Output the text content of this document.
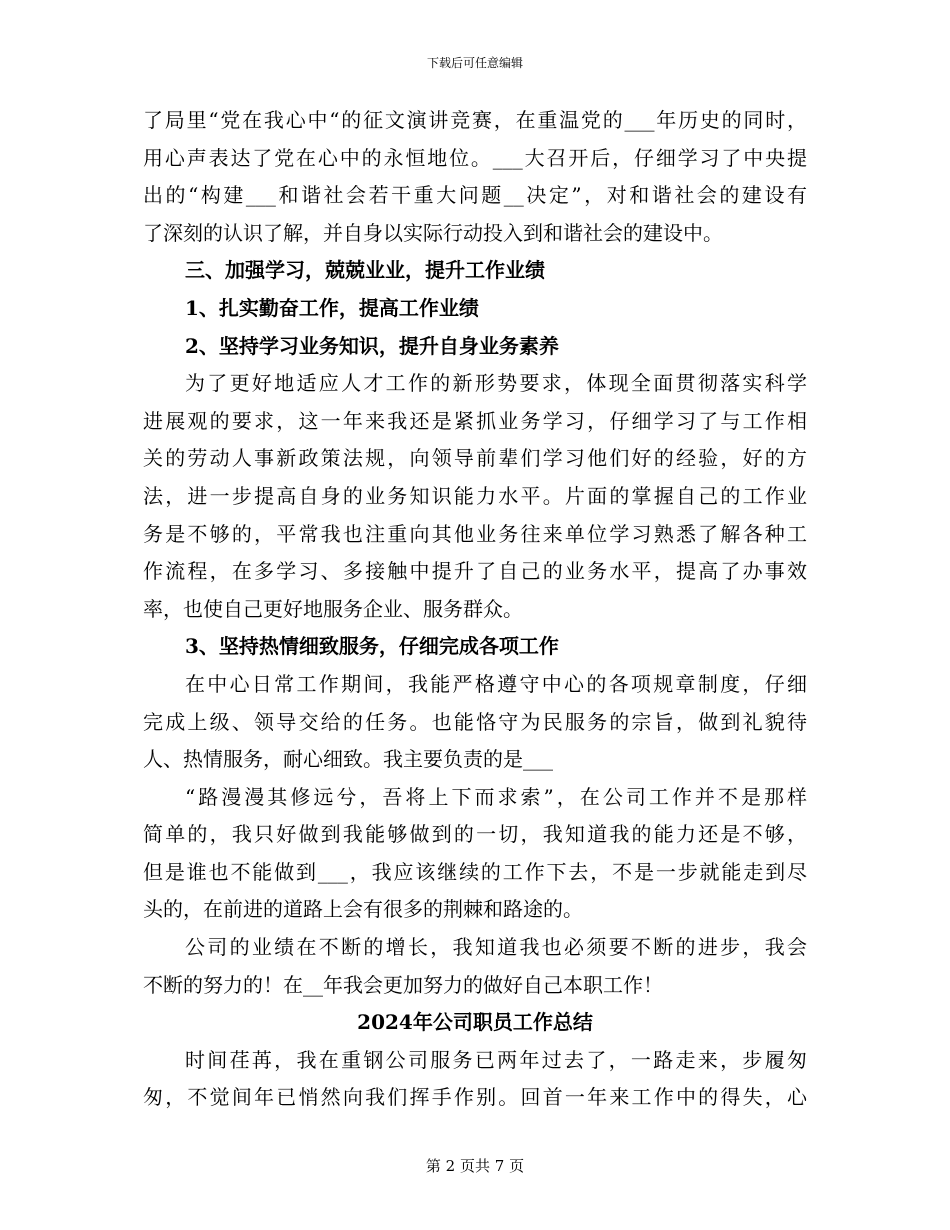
下载后可任意编辑
了局里“党在我心中“的征文演讲竞赛，在重温党的___年历史的同时，
用心声表达了党在心中的永恒地位。___大召开后，仔细学习了中央提
出的“构建___和谐社会若干重大问题__决定”，对和谐社会的建设有
了深刻的认识了解，并自身以实际行动投入到和谐社会的建设中。
三、加强学习，兢兢业业，提升工作业绩
1、扎实勤奋工作，提高工作业绩
2、坚持学习业务知识，提升自身业务素养
为了更好地适应人才工作的新形势要求，体现全面贯彻落实科学
进展观的要求，这一年来我还是紧抓业务学习，仔细学习了与工作相
关的劳动人事新政策法规，向领导前辈们学习他们好的经验，好的方
法，进一步提高自身的业务知识能力水平。片面的掌握自己的工作业
务是不够的，平常我也注重向其他业务往来单位学习熟悉了解各种工
作流程，在多学习、多接触中提升了自己的业务水平，提高了办事效
率，也使自己更好地服务企业、服务群众。
3、坚持热情细致服务，仔细完成各项工作
在中心日常工作期间，我能严格遵守中心的各项规章制度，仔细
完成上级、领导交给的任务。也能恪守为民服务的宗旨，做到礼貌待
人、热情服务，耐心细致。我主要负责的是___
“路漫漫其修远兮，吾将上下而求索”，在公司工作并不是那样
简单的，我只好做到我能够做到的一切，我知道我的能力还是不够，
但是谁也不能做到___，我应该继续的工作下去，不是一步就能走到尽
头的，在前进的道路上会有很多的荆棘和路途的。
公司的业绩在不断的增长，我知道我也必须要不断的进步，我会
不断的努力的！在__年我会更加努力的做好自己本职工作！
2024年公司职员工作总结
时间荏苒，我在重钢公司服务已两年过去了，一路走来，步履匆
匆，不觉间年已悄然向我们挥手作别。回首一年来工作中的得失，心
第 2 页共 7 页
